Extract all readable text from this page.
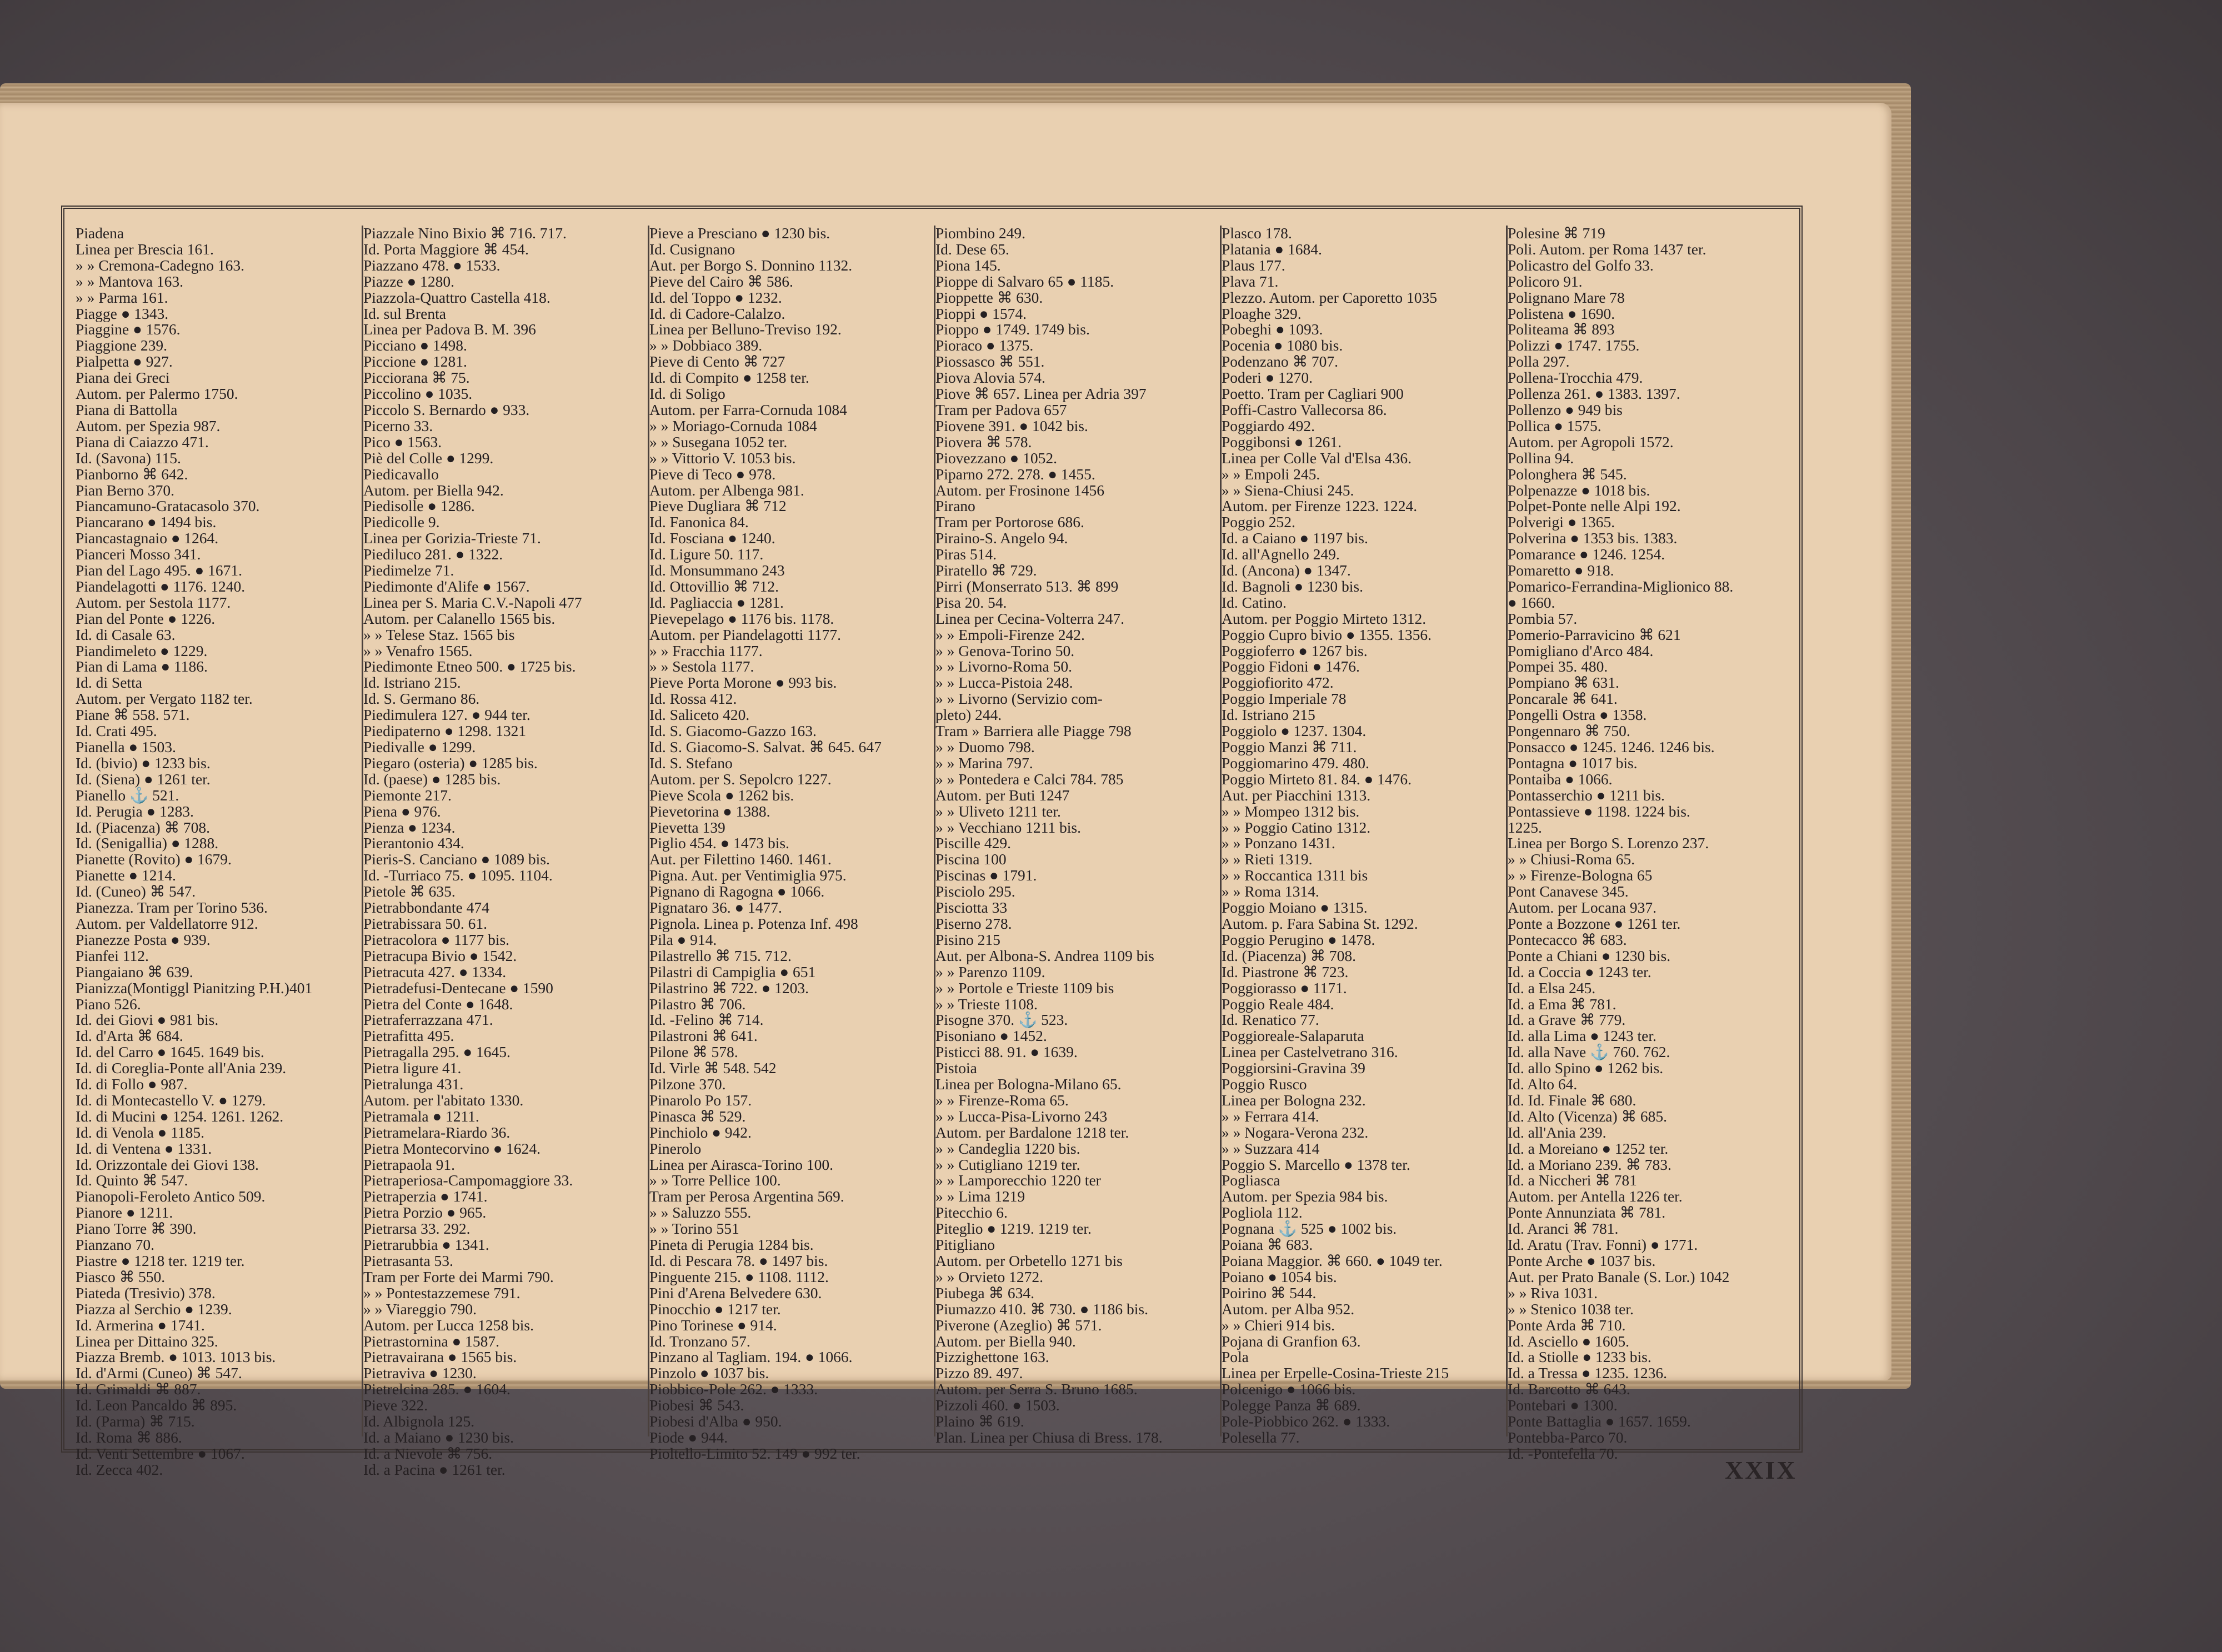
Piadena
Linea per Brescia 161.
» » Cremona-Cadegno 163.
» » Mantova 163.
» » Parma 161.
Piagge ● 1343.
Piaggine ● 1576.
Piaggione 239.
Pialpetta ● 927.
Piana dei Greci
Autom. per Palermo 1750.
Piana di Battolla
Autom. per Spezia 987.
Piana di Caiazzo 471.
Id. (Savona) 115.
Pianborno ⌘ 642.
Pian Berno 370.
Piancamuno-Gratacasolo 370.
Piancarano ● 1494 bis.
Piancastagnaio ● 1264.
Pianceri Mosso 341.
Pian del Lago 495. ● 1671.
Piandelagotti ● 1176. 1240.
Autom. per Sestola 1177.
Pian del Ponte ● 1226.
Id. di Casale 63.
Piandimeleto ● 1229.
Pian di Lama ● 1186.
Id. di Setta
Autom. per Vergato 1182 ter.
Piane ⌘ 558. 571.
Id. Crati 495.
Pianella ● 1503.
Id. (bivio) ● 1233 bis.
Id. (Siena) ● 1261 ter.
Pianello ⚓ 521.
Id. Perugia ● 1283.
Id. (Piacenza) ⌘ 708.
Id. (Senigallia) ● 1288.
Pianette (Rovito) ● 1679.
Pianette ● 1214.
Id. (Cuneo) ⌘ 547.
Pianezza. Tram per Torino 536.
Autom. per Valdellatorre 912.
Pianezze Posta ● 939.
Pianfei 112.
Piangaiano ⌘ 639.
Pianizza(Montiggl Pianitzing P.H.)401
Piano 526.
Id. dei Giovi ● 981 bis.
Id. d'Arta ⌘ 684.
Id. del Carro ● 1645. 1649 bis.
Id. di Coreglia-Ponte all'Ania 239.
Id. di Follo ● 987.
Id. di Montecastello V. ● 1279.
Id. di Mucini ● 1254. 1261. 1262.
Id. di Venola ● 1185.
Id. di Ventena ● 1331.
Id. Orizzontale dei Giovi 138.
Id. Quinto ⌘ 547.
Pianopoli-Feroleto Antico 509.
Pianore ● 1211.
Piano Torre ⌘ 390.
Pianzano 70.
Piastre ● 1218 ter. 1219 ter.
Piasco ⌘ 550.
Piateda (Tresivio) 378.
Piazza al Serchio ● 1239.
Id. Armerina ● 1741.
Linea per Dittaino 325.
Piazza Bremb. ● 1013. 1013 bis.
Id. d'Armi (Cuneo) ⌘ 547.
Id. Grimaldi ⌘ 887.
Id. Leon Pancaldo ⌘ 895.
Id. (Parma) ⌘ 715.
Id. Roma ⌘ 886.
Id. Venti Settembre ● 1067.
Id. Zecca 402.
Piazzale Nino Bixio ⌘ 716. 717.
Id. Porta Maggiore ⌘ 454.
Piazzano 478. ● 1533.
Piazze ● 1280.
Piazzola-Quattro Castella 418.
Id. sul Brenta
Linea per Padova B. M. 396
Picciano ● 1498.
Piccione ● 1281.
Picciorana ⌘ 75.
Piccolino ● 1035.
Piccolo S. Bernardo ● 933.
Picerno 33.
Pico ● 1563.
Piè del Colle ● 1299.
Piedicavallo
Autom. per Biella 942.
Piedisolle ● 1286.
Piedicolle 9.
Linea per Gorizia-Trieste 71.
Piediluco 281. ● 1322.
Piedimelze 71.
Piedimonte d'Alife ● 1567.
Linea per S. Maria C.V.-Napoli 477
Autom. per Calanello 1565 bis.
» » Telese Staz. 1565 bis
» » Venafro 1565.
Piedimonte Etneo 500. ● 1725 bis.
Id. Istriano 215.
Id. S. Germano 86.
Piedimulera 127. ● 944 ter.
Piedipaterno ● 1298. 1321
Piedivalle ● 1299.
Piegaro (osteria) ● 1285 bis.
Id. (paese) ● 1285 bis.
Piemonte 217.
Piena ● 976.
Pienza ● 1234.
Pierantonio 434.
Pieris-S. Canciano ● 1089 bis.
Id. -Turriaco 75. ● 1095. 1104.
Pietole ⌘ 635.
Pietrabbondante 474
Pietrabissara 50. 61.
Pietracolora ● 1177 bis.
Pietracupa Bivio ● 1542.
Pietracuta 427. ● 1334.
Pietradefusi-Dentecane ● 1590
Pietra del Conte ● 1648.
Pietraferrazzana 471.
Pietrafitta 495.
Pietragalla 295. ● 1645.
Pietra ligure 41.
Pietralunga 431.
Autom. per l'abitato 1330.
Pietramala ● 1211.
Pietramelara-Riardo 36.
Pietra Montecorvino ● 1624.
Pietrapaola 91.
Pietraperiosa-Campomaggiore 33.
Pietraperzia ● 1741.
Pietra Porzio ● 965.
Pietrarsa 33. 292.
Pietrarubbia ● 1341.
Pietrasanta 53.
Tram per Forte dei Marmi 790.
» » Pontestazzemese 791.
» » Viareggio 790.
Autom. per Lucca 1258 bis.
Pietrastornina ● 1587.
Pietravairana ● 1565 bis.
Pietraviva ● 1230.
Pietrelcina 285. ● 1604.
Pieve 322.
Id. Albignola 125.
Id. a Maiano ● 1230 bis.
Id. a Nievole ⌘ 756.
Id. a Pacina ● 1261 ter.
Pieve a Presciano ● 1230 bis.
Id. Cusignano
Aut. per Borgo S. Donnino 1132.
Pieve del Cairo ⌘ 586.
Id. del Toppo ● 1232.
Id. di Cadore-Calalzo.
Linea per Belluno-Treviso 192.
» » Dobbiaco 389.
Pieve di Cento ⌘ 727
Id. di Compito ● 1258 ter.
Id. di Soligo
Autom. per Farra-Cornuda 1084
» » Moriago-Cornuda 1084
» » Susegana 1052 ter.
» » Vittorio V. 1053 bis.
Pieve di Teco ● 978.
Autom. per Albenga 981.
Pieve Dugliara ⌘ 712
Id. Fanonica 84.
Id. Fosciana ● 1240.
Id. Ligure 50. 117.
Id. Monsummano 243
Id. Ottovillio ⌘ 712.
Id. Pagliaccia ● 1281.
Pievepelago ● 1176 bis. 1178.
Autom. per Piandelagotti 1177.
» » Fracchia 1177.
» » Sestola 1177.
Pieve Porta Morone ● 993 bis.
Id. Rossa 412.
Id. Saliceto 420.
Id. S. Giacomo-Gazzo 163.
Id. S. Giacomo-S. Salvat. ⌘ 645. 647
Id. S. Stefano
Autom. per S. Sepolcro 1227.
Pieve Scola ● 1262 bis.
Pievetorina ● 1388.
Pievetta 139
Piglio 454. ● 1473 bis.
Aut. per Filettino 1460. 1461.
Pigna. Aut. per Ventimiglia 975.
Pignano di Ragogna ● 1066.
Pignataro 36. ● 1477.
Pignola. Linea p. Potenza Inf. 498
Pila ● 914.
Pilastrello ⌘ 715. 712.
Pilastri di Campiglia ● 651
Pilastrino ⌘ 722. ● 1203.
Pilastro ⌘ 706.
Id. -Felino ⌘ 714.
Pilastroni ⌘ 641.
Pilone ⌘ 578.
Id. Virle ⌘ 548. 542
Pilzone 370.
Pinarolo Po 157.
Pinasca ⌘ 529.
Pinchiolo ● 942.
Pinerolo
Linea per Airasca-Torino 100.
» » Torre Pellice 100.
Tram per Perosa Argentina 569.
» » Saluzzo 555.
» » Torino 551
Pineta di Perugia 1284 bis.
Id. di Pescara 78. ● 1497 bis.
Pinguente 215. ● 1108. 1112.
Pini d'Arena Belvedere 630.
Pinocchio ● 1217 ter.
Pino Torinese ● 914.
Id. Tronzano 57.
Pinzano al Tagliam. 194. ● 1066.
Pinzolo ● 1037 bis.
Piobbico-Pole 262. ● 1333.
Piobesi ⌘ 543.
Piobesi d'Alba ● 950.
Piode ● 944.
Pioltello-Limito 52. 149 ● 992 ter.
Piombino 249.
Id. Dese 65.
Piona 145.
Pioppe di Salvaro 65 ● 1185.
Pioppette ⌘ 630.
Pioppi ● 1574.
Pioppo ● 1749. 1749 bis.
Pioraco ● 1375.
Piossasco ⌘ 551.
Piova Alovia 574.
Piove ⌘ 657. Linea per Adria 397
Tram per Padova 657
Piovene 391. ● 1042 bis.
Piovera ⌘ 578.
Piovezzano ● 1052.
Piparno 272. 278. ● 1455.
Autom. per Frosinone 1456
Pirano
Tram per Portorose 686.
Piraino-S. Angelo 94.
Piras 514.
Piratello ⌘ 729.
Pirri (Monserrato 513. ⌘ 899
Pisa 20. 54.
Linea per Cecina-Volterra 247.
» » Empoli-Firenze 242.
» » Genova-Torino 50.
» » Livorno-Roma 50.
» » Lucca-Pistoia 248.
» » Livorno (Servizio com-
pleto) 244.
Tram » Barriera alle Piagge 798
» » Duomo 798.
» » Marina 797.
» » Pontedera e Calci 784. 785
Autom. per Buti 1247
» » Uliveto 1211 ter.
» » Vecchiano 1211 bis.
Piscille 429.
Piscina 100
Piscinas ● 1791.
Pisciolo 295.
Pisciotta 33
Piserno 278.
Pisino 215
Aut. per Albona-S. Andrea 1109 bis
» » Parenzo 1109.
» » Portole e Trieste 1109 bis
» » Trieste 1108.
Pisogne 370. ⚓ 523.
Pisoniano ● 1452.
Pisticci 88. 91. ● 1639.
Pistoia
Linea per Bologna-Milano 65.
» » Firenze-Roma 65.
» » Lucca-Pisa-Livorno 243
Autom. per Bardalone 1218 ter.
» » Candeglia 1220 bis.
» » Cutigliano 1219 ter.
» » Lamporecchio 1220 ter
» » Lima 1219
Pitecchio 6.
Piteglio ● 1219. 1219 ter.
Pitigliano
Autom. per Orbetello 1271 bis
» » Orvieto 1272.
Piubega ⌘ 634.
Piumazzo 410. ⌘ 730. ● 1186 bis.
Piverone (Azeglio) ⌘ 571.
Autom. per Biella 940.
Pizzighettone 163.
Pizzo 89. 497.
Autom. per Serra S. Bruno 1685.
Pizzoli 460. ● 1503.
Plaino ⌘ 619.
Plan. Linea per Chiusa di Bress. 178.
Plasco 178.
Platania ● 1684.
Plaus 177.
Plava 71.
Plezzo. Autom. per Caporetto 1035
Ploaghe 329.
Pobeghi ● 1093.
Pocenia ● 1080 bis.
Podenzano ⌘ 707.
Poderi ● 1270.
Poetto. Tram per Cagliari 900
Poffi-Castro Vallecorsa 86.
Poggiardo 492.
Poggibonsi ● 1261.
Linea per Colle Val d'Elsa 436.
» » Empoli 245.
» » Siena-Chiusi 245.
Autom. per Firenze 1223. 1224.
Poggio 252.
Id. a Caiano ● 1197 bis.
Id. all'Agnello 249.
Id. (Ancona) ● 1347.
Id. Bagnoli ● 1230 bis.
Id. Catino.
Autom. per Poggio Mirteto 1312.
Poggio Cupro bivio ● 1355. 1356.
Poggioferro ● 1267 bis.
Poggio Fidoni ● 1476.
Poggiofiorito 472.
Poggio Imperiale 78
Id. Istriano 215
Poggiolo ● 1237. 1304.
Poggio Manzi ⌘ 711.
Poggiomarino 479. 480.
Poggio Mirteto 81. 84. ● 1476.
Aut. per Piacchini 1313.
» » Mompeo 1312 bis.
» » Poggio Catino 1312.
» » Ponzano 1431.
» » Rieti 1319.
» » Roccantica 1311 bis
» » Roma 1314.
Poggio Moiano ● 1315.
Autom. p. Fara Sabina St. 1292.
Poggio Perugino ● 1478.
Id. (Piacenza) ⌘ 708.
Id. Piastrone ⌘ 723.
Poggiorasso ● 1171.
Poggio Reale 484.
Id. Renatico 77.
Poggioreale-Salaparuta
Linea per Castelvetrano 316.
Poggiorsini-Gravina 39
Poggio Rusco
Linea per Bologna 232.
» » Ferrara 414.
» » Nogara-Verona 232.
» » Suzzara 414
Poggio S. Marcello ● 1378 ter.
Pogliasca
Autom. per Spezia 984 bis.
Pogliola 112.
Pognana ⚓ 525 ● 1002 bis.
Poiana ⌘ 683.
Poiana Maggior. ⌘ 660. ● 1049 ter.
Poiano ● 1054 bis.
Poirino ⌘ 544.
Autom. per Alba 952.
» » Chieri 914 bis.
Pojana di Granfion 63.
Pola
Linea per Erpelle-Cosina-Trieste 215
Polcenigo ● 1066 bis.
Polegge Panza ⌘ 689.
Pole-Piobbico 262. ● 1333.
Polesella 77.
Polesine ⌘ 719
Poli. Autom. per Roma 1437 ter.
Policastro del Golfo 33.
Policoro 91.
Polignano Mare 78
Polistena ● 1690.
Politeama ⌘ 893
Polizzi ● 1747. 1755.
Polla 297.
Pollena-Trocchia 479.
Pollenza 261. ● 1383. 1397.
Pollenzo ● 949 bis
Pollica ● 1575.
Autom. per Agropoli 1572.
Pollina 94.
Polonghera ⌘ 545.
Polpenazze ● 1018 bis.
Polpet-Ponte nelle Alpi 192.
Polverigi ● 1365.
Polverina ● 1353 bis. 1383.
Pomarance ● 1246. 1254.
Pomaretto ● 918.
Pomarico-Ferrandina-Miglionico 88.
● 1660.
Pombia 57.
Pomerio-Parravicino ⌘ 621
Pomigliano d'Arco 484.
Pompei 35. 480.
Pompiano ⌘ 631.
Poncarale ⌘ 641.
Pongelli Ostra ● 1358.
Pongennaro ⌘ 750.
Ponsacco ● 1245. 1246. 1246 bis.
Pontagna ● 1017 bis.
Pontaiba ● 1066.
Pontasserchio ● 1211 bis.
Pontassieve ● 1198. 1224 bis.
1225.
Linea per Borgo S. Lorenzo 237.
» » Chiusi-Roma 65.
» » Firenze-Bologna 65
Pont Canavese 345.
Autom. per Locana 937.
Ponte a Bozzone ● 1261 ter.
Pontecacco ⌘ 683.
Ponte a Chiani ● 1230 bis.
Id. a Coccia ● 1243 ter.
Id. a Elsa 245.
Id. a Ema ⌘ 781.
Id. a Grave ⌘ 779.
Id. alla Lima ● 1243 ter.
Id. alla Nave ⚓ 760. 762.
Id. allo Spino ● 1262 bis.
Id. Alto 64.
Id. Id. Finale ⌘ 680.
Id. Alto (Vicenza) ⌘ 685.
Id. all'Ania 239.
Id. a Moreiano ● 1252 ter.
Id. a Moriano 239. ⌘ 783.
Id. a Niccheri ⌘ 781
Autom. per Antella 1226 ter.
Ponte Annunziata ⌘ 781.
Id. Aranci ⌘ 781.
Id. Aratu (Trav. Fonni) ● 1771.
Ponte Arche ● 1037 bis.
Aut. per Prato Banale (S. Lor.) 1042
» » Riva 1031.
» » Stenico 1038 ter.
Ponte Arda ⌘ 710.
Id. Asciello ● 1605.
Id. a Stiolle ● 1233 bis.
Id. a Tressa ● 1235. 1236.
Id. Barcotto ⌘ 643.
Pontebari ● 1300.
Ponte Battaglia ● 1657. 1659.
Pontebba-Parco 70.
Id. -Pontefella 70.
XXIX
